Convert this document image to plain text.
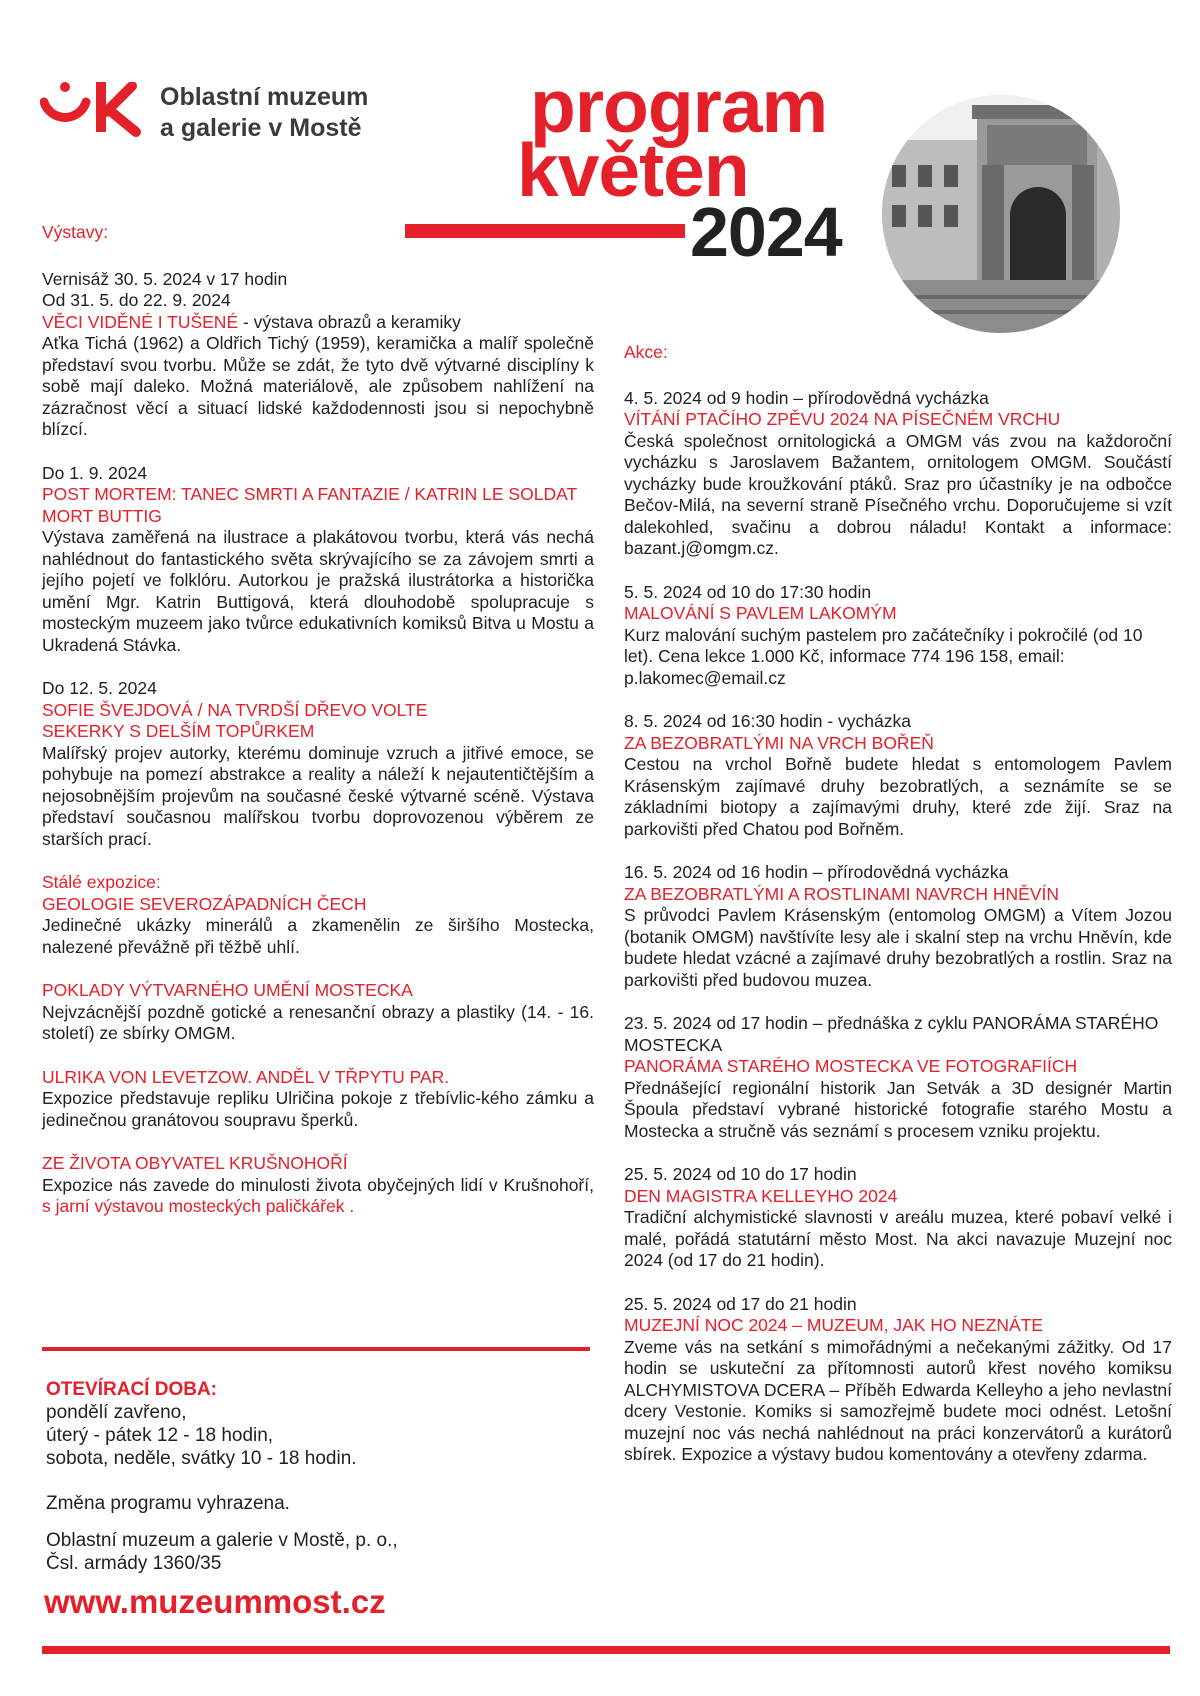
Oblastní muzeum
a galerie v Mostě program
květen
2024

Výstavy:

Vernisáž 30. 5. 2024 v 17 hodin

Od 31. 5. do 22. 9. 2024

VĚCI VIDĚNÉ I TUŠENÉ - výstava obrazů a keramiky

Aťka Tichá (1962) a Oldřich Tichý (1959), keramička a malíř společně představí svou tvorbu. Může se zdát, že tyto dvě výtvarné disciplíny k sobě mají daleko. Možná materiálově, ale způsobem nahlížení na zázračnost věcí a situací lidské každodennosti jsou si nepochybně blízcí.

Do 1. 9. 2024

POST MORTEM: TANEC SMRTI A FANTAZIE / KATRIN LE SOLDAT MORT BUTTIG

Výstava zaměřená na ilustrace a plakátovou tvorbu, která vás nechá nahlédnout do fantastického světa skrývajícího se za závojem smrti a jejího pojetí ve folklóru. Autorkou je pražská ilustrátorka a historička umění Mgr. Katrin Buttigová, která dlouhodobě spolupracuje s mosteckým muzeem jako tvůrce edukativních komiksů Bitva u Mostu a Ukradená Stávka.

Do 12. 5. 2024

SOFIE ŠVEJDOVÁ / NA TVRDŠÍ DŘEVO VOLTE SEKERKY S DELŠÍM TOPŮRKEM

Malířský projev autorky, kterému dominuje vzruch a jitřivé emoce, se pohybuje na pomezí abstrakce a reality a náleží k nejautentičtějším a nejosobnějším projevům na současné české výtvarné scéně. Výstava představí současnou malířskou tvorbu doprovozenou výběrem ze starších prací.

Stálé expozice:

GEOLOGIE SEVEROZÁPADNÍCH ČECH

Jedinečné ukázky minerálů a zkamenělin ze širšího Mostecka, nalezené převážně při těžbě uhlí.

POKLADY VÝTVARNÉHO UMĚNÍ MOSTECKA

Nejvzácnější pozdně gotické a renesanční obrazy a plastiky (14. - 16. století) ze sbírky OMGM.

ULRIKA VON LEVETZOW. ANDĚL V TŘPYTU PAR.

Expozice představuje repliku Ulričina pokoje z třebívlic-kého zámku a jedinečnou granátovou soupravu šperků.

ZE ŽIVOTA OBYVATEL KRUŠNOHOŘÍ

Expozice nás zavede do minulosti života obyčejných lidí v Krušnohoří, s jarní výstavou mosteckých paličkářek .

OTEVÍRACÍ DOBA:

pondělí zavřeno,

úterý - pátek 12 - 18 hodin,

sobota, neděle, svátky 10 - 18 hodin.

Změna programu vyhrazena.

Oblastní muzeum a galerie v Mostě, p. o.,

Čsl. armády 1360/35

www.muzeummost.cz

Akce:

4. 5. 2024 od 9 hodin – přírodovědná vycházka

VÍTÁNÍ PTAČÍHO ZPĚVU 2024 NA PÍSEČNÉM VRCHU

Česká společnost ornitologická a OMGM vás zvou na každoroční vycházku s Jaroslavem Bažantem, ornitologem OMGM. Součástí vycházky bude kroužkování ptáků. Sraz pro účastníky je na odbočce Bečov-Milá, na severní straně Písečného vrchu. Doporučujeme si vzít dalekohled, svačinu a dobrou náladu! Kontakt a informace: bazant.j@omgm.cz.

5. 5. 2024 od 10 do 17:30 hodin

MALOVÁNÍ S PAVLEM LAKOMÝM

Kurz malování suchým pastelem pro začátečníky i pokročilé (od 10 let). Cena lekce 1.000 Kč, informace 774 196 158, email: p.lakomec@email.cz

8. 5. 2024 od 16:30 hodin - vycházka

ZA BEZOBRATLÝMI NA VRCH BOŘEŇ

Cestou na vrchol Bořně budete hledat s entomologem Pavlem Krásenským zajímavé druhy bezobratlých, a seznámíte se se základními biotopy a zajímavými druhy, které zde žijí. Sraz na parkovišti před Chatou pod Bořněm.

16. 5. 2024 od 16 hodin – přírodovědná vycházka

ZA BEZOBRATLÝMI A ROSTLINAMI NAVRCH HNĚVÍN

S průvodci Pavlem Krásenským (entomolog OMGM) a Vítem Jozou (botanik OMGM) navštívíte lesy ale i skalní step na vrchu Hněvín, kde budete hledat vzácné a zajímavé druhy bezobratlých a rostlin. Sraz na parkovišti před budovou muzea.

23. 5. 2024 od 17 hodin – přednáška z cyklu PANORÁMA STARÉHO MOSTECKA

PANORÁMA STARÉHO MOSTECKA VE FOTOGRAFIÍCH

Přednášející regionální historik Jan Setvák a 3D designér Martin Špoula představí vybrané historické fotografie starého Mostu a Mostecka a stručně vás seznámí s procesem vzniku projektu.

25. 5. 2024 od 10 do 17 hodin

DEN MAGISTRA KELLEYHO 2024

Tradiční alchymistické slavnosti v areálu muzea, které pobaví velké i malé, pořádá statutární město Most. Na akci navazuje Muzejní noc 2024 (od 17 do 21 hodin).

25. 5. 2024 od 17 do 21 hodin

MUZEJNÍ NOC 2024 – MUZEUM, JAK HO NEZNÁTE

Zveme vás na setkání s mimořádnými a nečekanými zážitky. Od 17 hodin se uskuteční za přítomnosti autorů křest nového komiksu ALCHYMISTOVA DCERA – Příběh Edwarda Kelleyho a jeho nevlastní dcery Vestonie. Komiks si samozřejmě budete moci odnést. Letošní muzejní noc vás nechá nahlédnout na práci konzervátorů a kurátorů sbírek. Expozice a výstavy budou komentovány a otevřeny zdarma.
